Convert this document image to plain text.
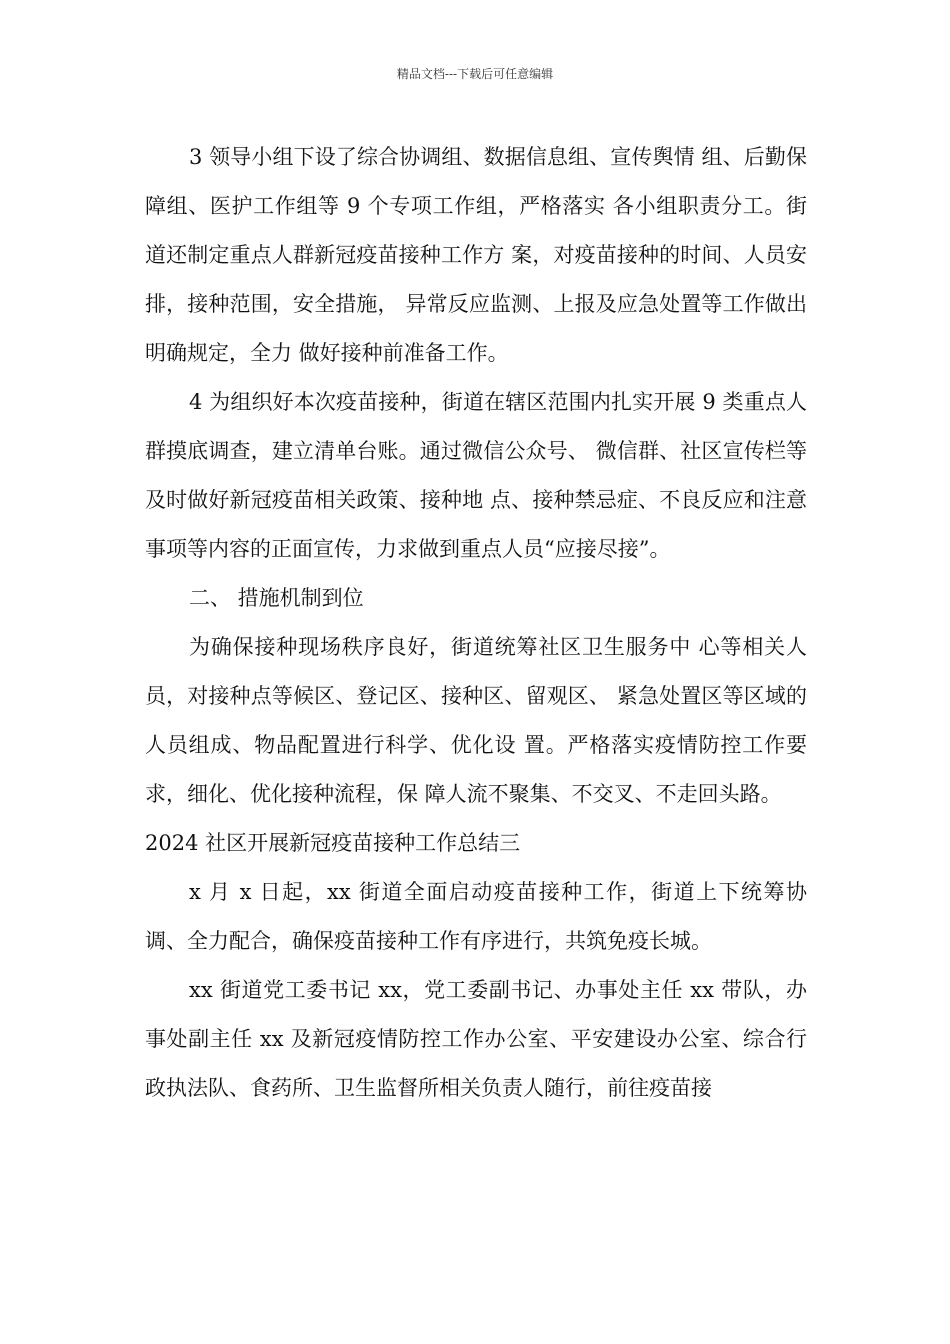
精品文档---下载后可任意编辑

3 领导小组下设了综合协调组、数据信息组、宣传舆情 组、后勤保障组、医护工作组等 9 个专项工作组，严格落实 各小组职责分工。街道还制定重点人群新冠疫苗接种工作方 案，对疫苗接种的时间、人员安排，接种范围，安全措施， 异常反应监测、上报及应急处置等工作做出明确规定，全力 做好接种前准备工作。

4 为组织好本次疫苗接种，街道在辖区范围内扎实开展 9 类重点人群摸底调查，建立清单台账。通过微信公众号、 微信群、社区宣传栏等及时做好新冠疫苗相关政策、接种地 点、接种禁忌症、不良反应和注意事项等内容的正面宣传，力求做到重点人员“应接尽接”。

二、 措施机制到位

为确保接种现场秩序良好，街道统筹社区卫生服务中 心等相关人员，对接种点等候区、登记区、接种区、留观区、 紧急处置区等区域的人员组成、物品配置进行科学、优化设 置。严格落实疫情防控工作要求，细化、优化接种流程，保 障人流不聚集、不交叉、不走回头路。

2024 社区开展新冠疫苗接种工作总结三

x 月 x 日起，xx 街道全面启动疫苗接种工作，街道上下统筹协调、全力配合，确保疫苗接种工作有序进行，共筑免疫长城。

xx 街道党工委书记 xx，党工委副书记、办事处主任 xx 带队，办事处副主任 xx 及新冠疫情防控工作办公室、平安建设办公室、综合行政执法队、食药所、卫生监督所相关负责人随行，前往疫苗接
